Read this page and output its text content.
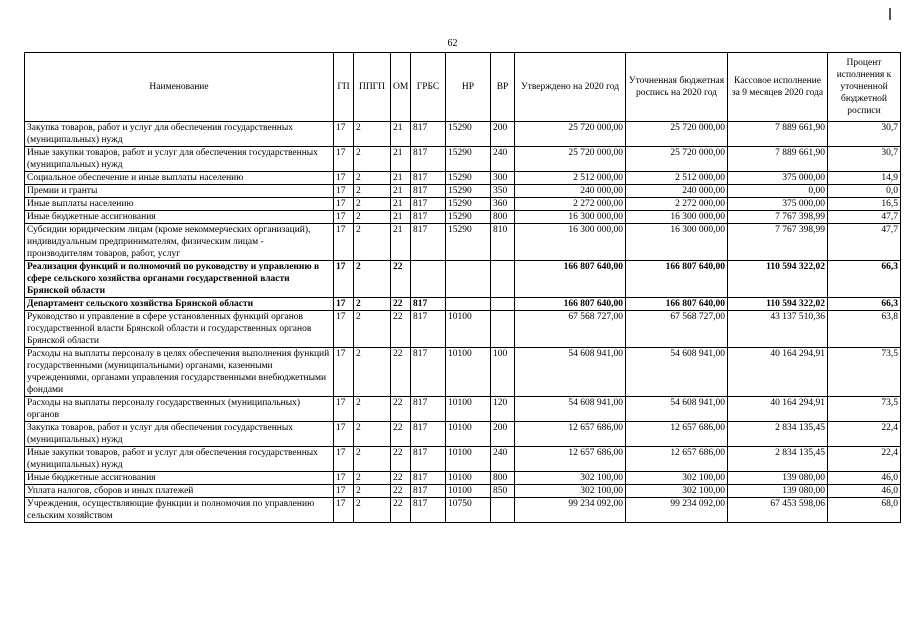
62
Наименование	ГП	ППГП	ОМ	ГРБС	НР	ВР	Утверждено на 2020 год	Уточненная бюджетная роспись на 2020 год	Кассовое исполнение за 9 месяцев 2020 года	Процент исполнения к уточненной бюджетной росписи
Закупка товаров, работ и услуг для обеспечения государственных (муниципальных) нужд	17	2	21	817	15290	200	25 720 000,00	25 720 000,00	7 889 661,90	30,7
Иные закупки товаров, работ и услуг для обеспечения государственных (муниципальных) нужд	17	2	21	817	15290	240	25 720 000,00	25 720 000,00	7 889 661,90	30,7
Социальное обеспечение и иные выплаты населению	17	2	21	817	15290	300	2 512 000,00	2 512 000,00	375 000,00	14,9
Премии и гранты	17	2	21	817	15290	350	240 000,00	240 000,00	0,00	0,0
Иные выплаты населению	17	2	21	817	15290	360	2 272 000,00	2 272 000,00	375 000,00	16,5
Иные бюджетные ассигнования	17	2	21	817	15290	800	16 300 000,00	16 300 000,00	7 767 398,99	47,7
Субсидии юридическим лицам (кроме некоммерческих организаций), индивидуальным предпринимателям, физическим лицам - производителям товаров, работ, услуг	17	2	21	817	15290	810	16 300 000,00	16 300 000,00	7 767 398,99	47,7
Реализация функций и полномочий по руководству и управлению в сфере сельского хозяйства органами государственной власти Брянской области	17	2	22				166 807 640,00	166 807 640,00	110 594 322,02	66,3
Департамент сельского хозяйства Брянской области	17	2	22	817			166 807 640,00	166 807 640,00	110 594 322,02	66,3
Руководство и управление в сфере установленных функций органов государственной власти Брянской области и государственных органов Брянской области	17	2	22	817	10100		67 568 727,00	67 568 727,00	43 137 510,36	63,8
Расходы на выплаты персоналу в целях обеспечения выполнения функций государственными (муниципальными) органами, казенными учреждениями, органами управления государственными внебюджетными фондами	17	2	22	817	10100	100	54 608 941,00	54 608 941,00	40 164 294,91	73,5
Расходы на выплаты персоналу государственных (муниципальных) органов	17	2	22	817	10100	120	54 608 941,00	54 608 941,00	40 164 294,91	73,5
Закупка товаров, работ и услуг для обеспечения государственных (муниципальных) нужд	17	2	22	817	10100	200	12 657 686,00	12 657 686,00	2 834 135,45	22,4
Иные закупки товаров, работ и услуг для обеспечения государственных (муниципальных) нужд	17	2	22	817	10100	240	12 657 686,00	12 657 686,00	2 834 135,45	22,4
Иные бюджетные ассигнования	17	2	22	817	10100	800	302 100,00	302 100,00	139 080,00	46,0
Уплата налогов, сборов и иных платежей	17	2	22	817	10100	850	302 100,00	302 100,00	139 080,00	46,0
Учреждения, осуществляющие функции и полномочия по управлению сельским хозяйством	17	2	22	817	10750		99 234 092,00	99 234 092,00	67 453 598,06	68,0
